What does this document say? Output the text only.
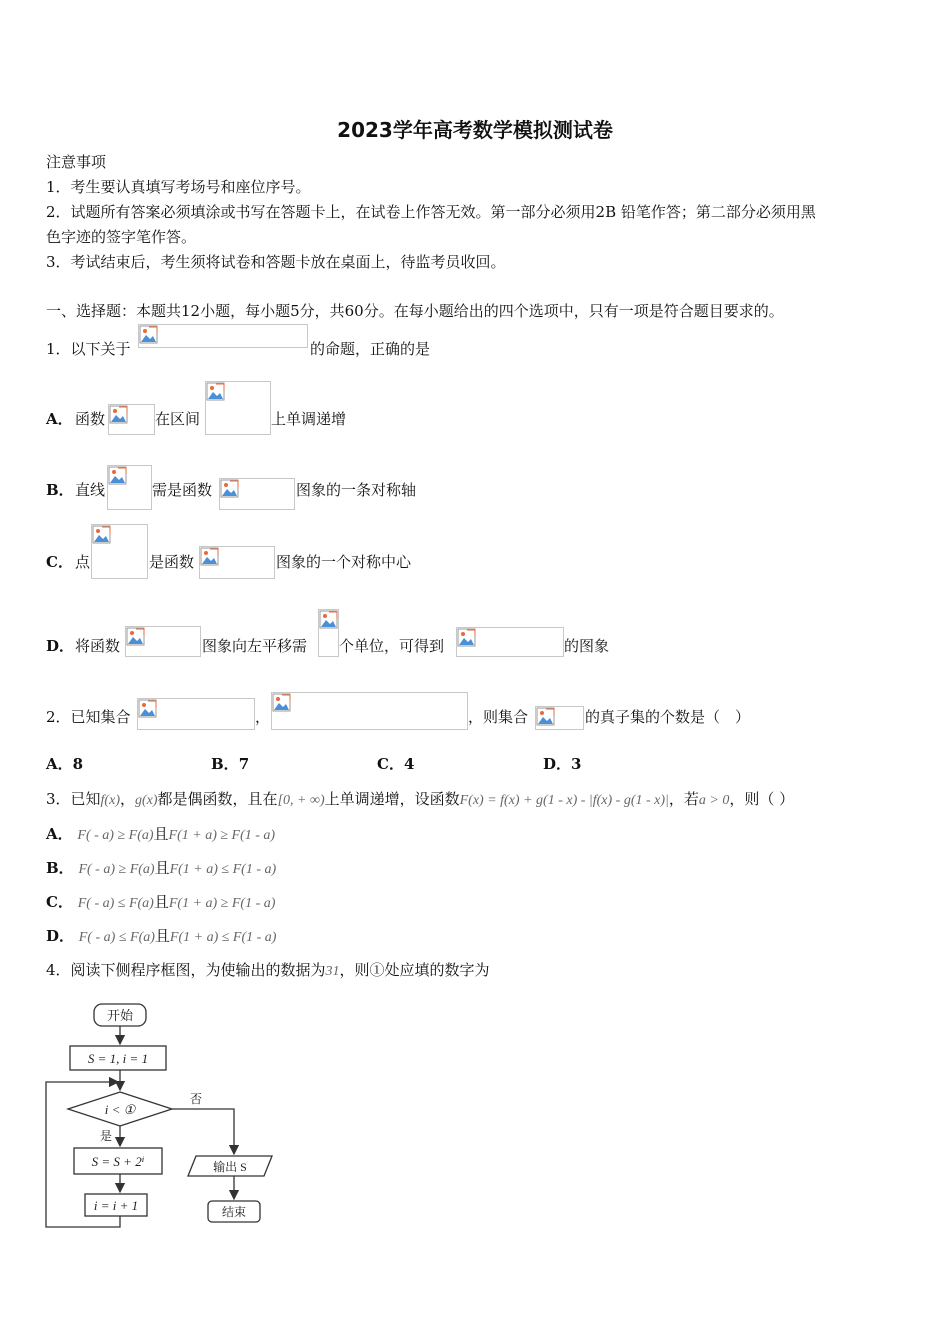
2023学年高考数学模拟测试卷
注意事项
1．考生要认真填写考场号和座位序号。
2．试题所有答案必须填涂或书写在答题卡上，在试卷上作答无效。第一部分必须用2B 铅笔作答；第二部分必须用黑
色字迹的签字笔作答。
3．考试结束后，考生须将试卷和答题卡放在桌面上，待监考员收回。
一、选择题：本题共12小题，每小题5分，共60分。在每小题给出的四个选项中，只有一项是符合题目要求的。
1．以下关于	的命题，正确的是
A． 函数	在区间	上单调递增
B． 直线	需是函数	图象的一条对称轴
C． 点	是函数	图象的一个对称中心
D． 将函数	图象向左平移需 个单位，可得到	的图象
2．已知集合	，	，则集合	的真子集的个数是（　）
A．8	B．7	C．4	D．3
3．已知f(x)，g(x)都是偶函数，且在[0, + ∞)上单调递增，设函数F(x) = f(x) + g(1 - x) - |f(x) - g(1 - x)|，若a > 0，则（ ）
A． F( - a) ≥ F(a)且F(1 + a) ≥ F(1 - a)
B． F( - a) ≥ F(a)且F(1 + a) ≤ F(1 - a)
C． F( - a) ≤ F(a)且F(1 + a) ≥ F(1 - a)
D． F( - a) ≤ F(a)且F(1 + a) ≤ F(1 - a)
4．阅读下侧程序框图，为使输出的数据为31，则①处应填的数字为
开始
S = 1, i = 1
i < ①
否
是
S = S + 2ⁱ
i = i + 1
输出 S
结束
